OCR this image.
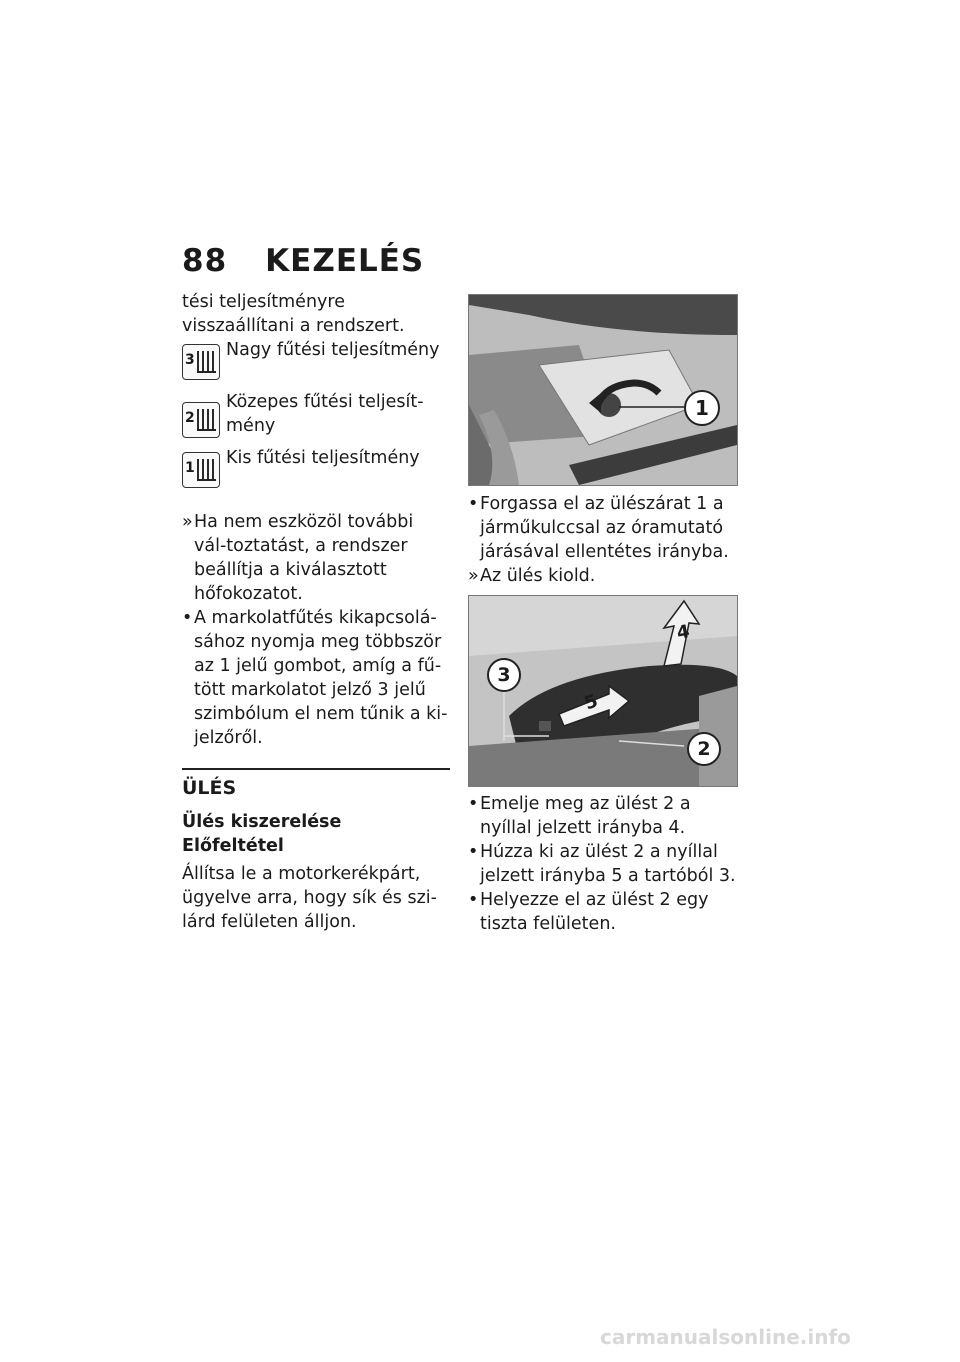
88 KEZELÉS

tési teljesítményre visszaállítani a rendszert.

3 Nagy fűtési teljesítmény

2

Közepes fűtési teljesít-mény

1 Kis fűtési teljesítmény

» Ha nem eszközöl további vál-toztatást, a rendszer beállítja a kiválasztott hőfokozatot.
• A markolatfűtés kikapcsolá-sához nyomja meg többször az 1 jelű gombot, amíg a fű-tött markolatot jelző 3 jelű szimbólum el nem tűnik a ki-jelzőről.

ÜLÉS

Ülés kiszerelése

Előfeltétel

Állítsa le a motorkerékpárt, ügyelve arra, hogy sík és szi-lárd felületen álljon.

1
• Forgassa el az ülészárat 1 a járműkulccsal az óramutató járásával ellentétes irányba.
» Az ülés kiold.
3
5
4
2
• Emelje meg az ülést 2 a nyíllal jelzett irányba 4.
• Húzza ki az ülést 2 a nyíllal jelzett irányba 5 a tartóból 3.
• Helyezze el az ülést 2 egy tiszta felületen.
carmanualsonline.info
